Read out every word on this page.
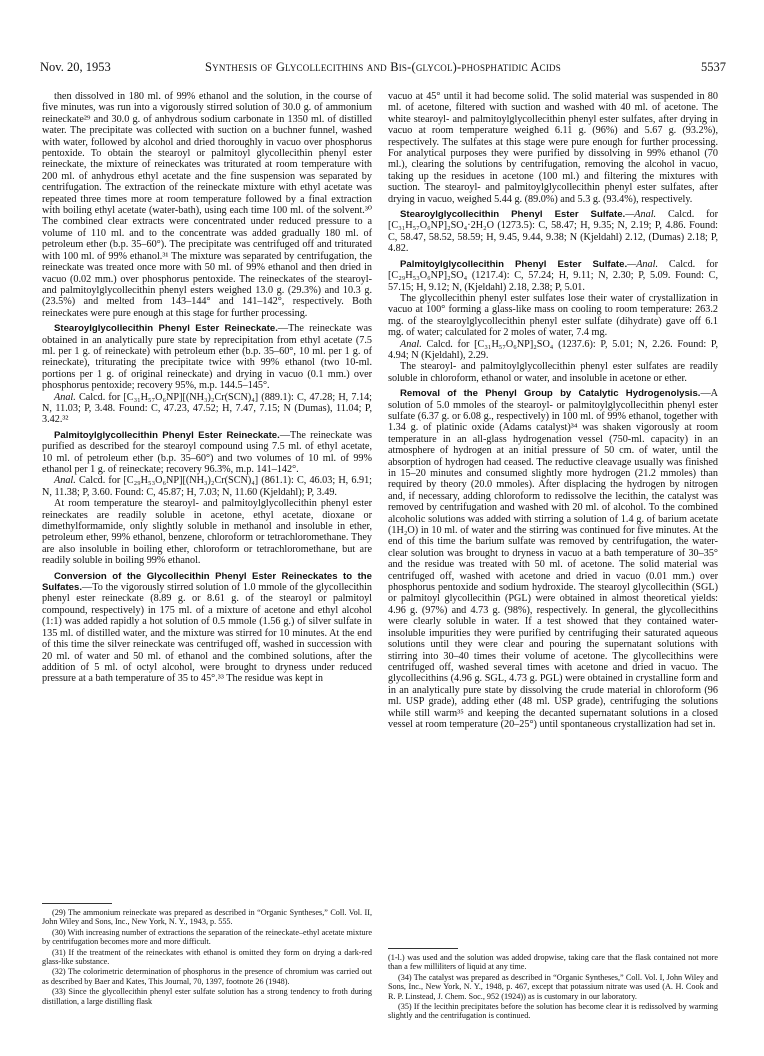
Nov. 20, 1953	Synthesis of Glycollecithins and Bis-(glycol)-phosphatidic Acids	5537

then dissolved in 180 ml. of 99% ethanol and the solution, in the course of five minutes, was run into a vigorously stirred solution of 30.0 g. of ammonium reineckate²⁹ and 30.0 g. of anhydrous sodium carbonate in 1350 ml. of distilled water. The precipitate was collected with suction on a buchner funnel, washed with water, followed by alcohol and dried thoroughly in vacuo over phosphorus pentoxide. To obtain the stearoyl or palmitoyl glycollecithin phenyl ester reineckate, the mixture of reineckates was triturated at room temperature with 200 ml. of anhydrous ethyl acetate and the fine suspension was separated by centrifugation. The extraction of the reineckate mixture with ethyl acetate was repeated three times more at room temperature followed by a final extraction with boiling ethyl acetate (water-bath), using each time 100 ml. of the solvent.³⁰ The combined clear extracts were concentrated under reduced pressure to a volume of 110 ml. and to the concentrate was added gradually 180 ml. of petroleum ether (b.p. 35–60°). The precipitate was centrifuged off and triturated with 100 ml. of 99% ethanol.³¹ The mixture was separated by centrifugation, the reineckate was treated once more with 50 ml. of 99% ethanol and then dried in vacuo (0.02 mm.) over phosphorus pentoxide. The reineckates of the stearoyl- and palmitoylglycollecithin phenyl esters weighed 13.0 g. (29.3%) and 10.3 g. (23.5%) and melted from 143–144° and 141–142°, respectively. Both reineckates were pure enough at this stage for further processing.

Stearoylglycollecithin Phenyl Ester Reineckate.—The reineckate was obtained in an analytically pure state by reprecipitation from ethyl acetate (7.5 ml. per 1 g. of reineckate) with petroleum ether (b.p. 35–60°, 10 ml. per 1 g. of reineckate), triturating the precipitate twice with 99% ethanol (two 10-ml. portions per 1 g. of original reineckate) and drying in vacuo (0.1 mm.) over phosphorus pentoxide; recovery 95%, m.p. 144.5–145°.

Anal. Calcd. for [C₃₁H₅₇O₆NP][(NH₃)₂Cr(SCN)₄] (889.1): C, 47.28; H, 7.14; N, 11.03; P, 3.48. Found: C, 47.23, 47.52; H, 7.47, 7.15; N (Dumas), 11.04; P, 3.42.³²

Palmitoylglycollecithin Phenyl Ester Reineckate.—The reineckate was purified as described for the stearoyl compound using 7.5 ml. of ethyl acetate, 10 ml. of petroleum ether (b.p. 35–60°) and two volumes of 10 ml. of 99% ethanol per 1 g. of reineckate; recovery 96.3%, m.p. 141–142°.

Anal. Calcd. for [C₂₉H₅₃O₆NP][(NH₃)₂Cr(SCN)₄] (861.1): C, 46.03; H, 6.91; N, 11.38; P, 3.60. Found: C, 45.87; H, 7.03; N, 11.60 (Kjeldahl); P, 3.49.

At room temperature the stearoyl- and palmitoylglycollecithin phenyl ester reineckates are readily soluble in acetone, ethyl acetate, dioxane or dimethylformamide, only slightly soluble in methanol and insoluble in ether, petroleum ether, 99% ethanol, benzene, chloroform or tetrachloromethane. They are also insoluble in boiling ether, chloroform or tetrachloromethane, but are readily soluble in boiling 99% ethanol.

Conversion of the Glycollecithin Phenyl Ester Reineckates to the Sulfates.—To the vigorously stirred solution of 1.0 mmole of the glycollecithin phenyl ester reineckate (8.89 g. or 8.61 g. of the stearoyl or palmitoyl compound, respectively) in 175 ml. of a mixture of acetone and ethyl alcohol (1:1) was added rapidly a hot solution of 0.5 mmole (1.56 g.) of silver sulfate in 135 ml. of distilled water, and the mixture was stirred for 10 minutes. At the end of this time the silver reineckate was centrifuged off, washed in succession with 20 ml. of water and 50 ml. of ethanol and the combined solutions, after the addition of 5 ml. of octyl alcohol, were brought to dryness under reduced pressure at a bath temperature of 35 to 45°.³³ The residue was kept in

vacuo at 45° until it had become solid. The solid material was suspended in 80 ml. of acetone, filtered with suction and washed with 40 ml. of acetone. The white stearoyl- and palmitoylglycollecithin phenyl ester sulfates, after drying in vacuo at room temperature weighed 6.11 g. (96%) and 5.67 g. (93.2%), respectively. The sulfates at this stage were pure enough for further processing. For analytical purposes they were purified by dissolving in 99% ethanol (70 ml.), clearing the solutions by centrifugation, removing the alcohol in vacuo, taking up the residues in acetone (100 ml.) and filtering the mixtures with suction. The stearoyl- and palmitoylglycollecithin phenyl ester sulfates, after drying in vacuo, weighed 5.44 g. (89.0%) and 5.3 g. (93.4%), respectively.

Stearoylglycollecithin Phenyl Ester Sulfate.—Anal. Calcd. for [C₃₁H₅₇O₆NP]₂SO₄·2H₂O (1273.5): C, 58.47; H, 9.35; N, 2.19; P, 4.86. Found: C, 58.47, 58.52, 58.59; H, 9.45, 9.44, 9.38; N (Kjeldahl) 2.12, (Dumas) 2.18; P, 4.82.

Palmitoylglycollecithin Phenyl Ester Sulfate.—Anal. Calcd. for [C₂₉H₅₃O₆NP]₂SO₄ (1217.4): C, 57.24; H, 9.11; N, 2.30; P, 5.09. Found: C, 57.15; H, 9.12; N, (Kjeldahl) 2.18, 2.38; P, 5.01.

The glycollecithin phenyl ester sulfates lose their water of crystallization in vacuo at 100° forming a glass-like mass on cooling to room temperature: 263.2 mg. of the stearoylglycollecithin phenyl ester sulfate (dihydrate) gave off 6.1 mg. of water; calculated for 2 moles of water, 7.4 mg.

Anal. Calcd. for [C₃₁H₅₇O₆NP]₂SO₄ (1237.6): P, 5.01; N, 2.26. Found: P, 4.94; N (Kjeldahl), 2.29.

The stearoyl- and palmitoylglycollecithin phenyl ester sulfates are readily soluble in chloroform, ethanol or water, and insoluble in acetone or ether.

Removal of the Phenyl Group by Catalytic Hydrogenolysis.—A solution of 5.0 mmoles of the stearoyl- or palmitoylglycollecithin phenyl ester sulfate (6.37 g. or 6.08 g., respectively) in 100 ml. of 99% ethanol, together with 1.34 g. of platinic oxide (Adams catalyst)³⁴ was shaken vigorously at room temperature in an all-glass hydrogenation vessel (750-ml. capacity) in an atmosphere of hydrogen at an initial pressure of 50 cm. of water, until the absorption of hydrogen had ceased. The reductive cleavage usually was finished in 15–20 minutes and consumed slightly more hydrogen (21.2 mmoles) than required by theory (20.0 mmoles). After displacing the hydrogen by nitrogen and, if necessary, adding chloroform to redissolve the lecithin, the catalyst was removed by centrifugation and washed with 20 ml. of alcohol. To the combined alcoholic solutions was added with stirring a solution of 1.4 g. of barium acetate (1H₂O) in 10 ml. of water and the stirring was continued for five minutes. At the end of this time the barium sulfate was removed by centrifugation, the water-clear solution was brought to dryness in vacuo at a bath temperature of 30–35° and the residue was treated with 50 ml. of acetone. The solid material was centrifuged off, washed with acetone and dried in vacuo (0.01 mm.) over phosphorus pentoxide and sodium hydroxide. The stearoyl glycollecithin (SGL) or palmitoyl glycollecithin (PGL) were obtained in almost theoretical yields: 4.96 g. (97%) and 4.73 g. (98%), respectively. In general, the glycollecithins were clearly soluble in water. If a test showed that they contained water-insoluble impurities they were purified by centrifuging their saturated aqueous solutions until they were clear and pouring the supernatant solutions with stirring into 30–40 times their volume of acetone. The glycollecithins were centrifuged off, washed several times with acetone and dried in vacuo. The glycollecithins (4.96 g. SGL, 4.73 g. PGL) were obtained in crystalline form and in an analytically pure state by dissolving the crude material in chloroform (96 ml. USP grade), adding ether (48 ml. USP grade), centrifuging the solutions while still warm³⁵ and keeping the decanted supernatant solutions in a closed vessel at room temperature (20–25°) until spontaneous crystallization had set in.

(29) The ammonium reineckate was prepared as described in “Organic Syntheses,” Coll. Vol. II, John Wiley and Sons, Inc., New York, N. Y., 1943, p. 555.

(30) With increasing number of extractions the separation of the reineckate–ethyl acetate mixture by centrifugation becomes more and more difficult.

(31) If the treatment of the reineckates with ethanol is omitted they form on drying a dark-red glass-like substance.

(32) The colorimetric determination of phosphorus in the presence of chromium was carried out as described by Baer and Kates, This Journal, 70, 1397, footnote 26 (1948).

(33) Since the glycollecithin phenyl ester sulfate solution has a strong tendency to froth during distillation, a large distilling flask

(1-l.) was used and the solution was added dropwise, taking care that the flask contained not more than a few milliliters of liquid at any time.

(34) The catalyst was prepared as described in “Organic Syntheses,” Coll. Vol. I, John Wiley and Sons, Inc., New York, N. Y., 1948, p. 467, except that potassium nitrate was used (A. H. Cook and R. P. Linstead, J. Chem. Soc., 952 (1924)) as is customary in our laboratory.

(35) If the lecithin precipitates before the solution has become clear it is redissolved by warming slightly and the centrifugation is continued.
